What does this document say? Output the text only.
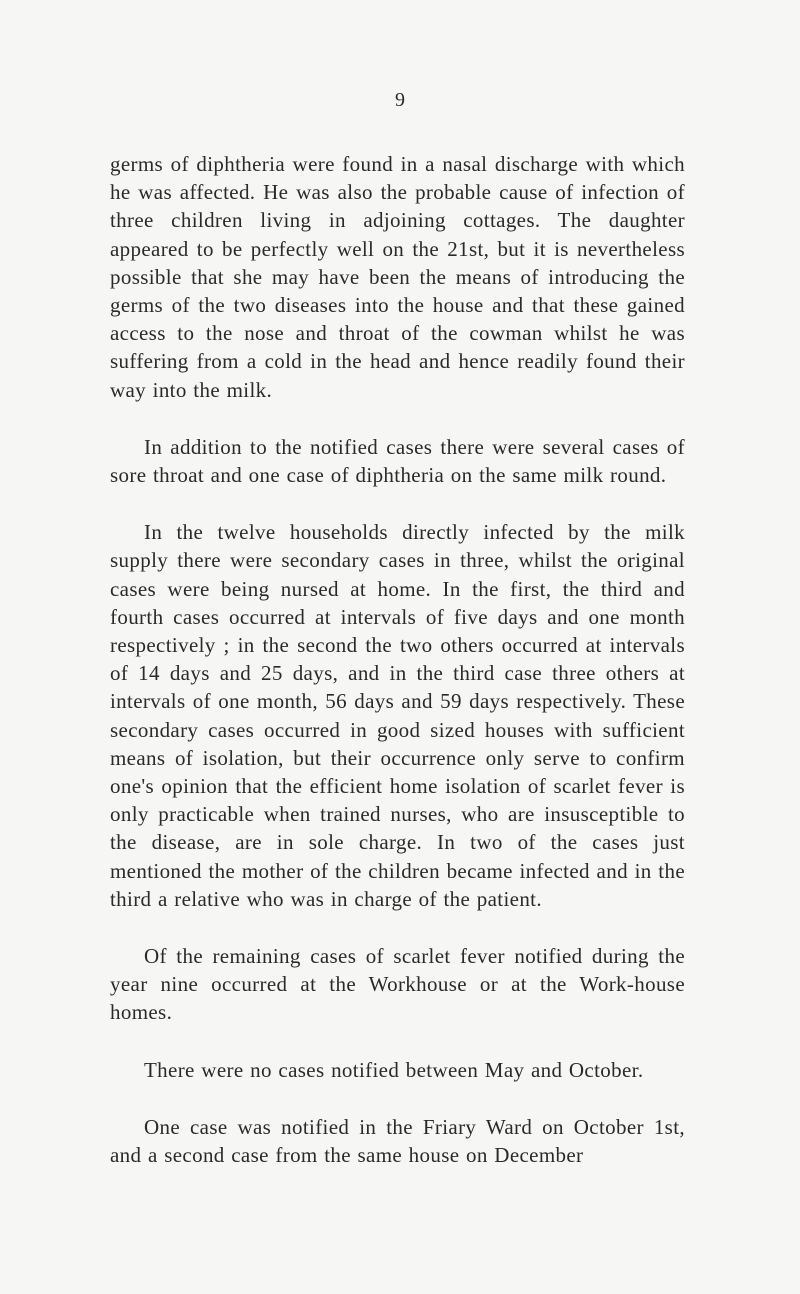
9

germs of diphtheria were found in a nasal discharge with which he was affected. He was also the probable cause of infection of three children living in adjoining cottages. The daughter appeared to be perfectly well on the 21st, but it is nevertheless possible that she may have been the means of introducing the germs of the two diseases into the house and that these gained access to the nose and throat of the cowman whilst he was suffering from a cold in the head and hence readily found their way into the milk.

In addition to the notified cases there were several cases of sore throat and one case of diphtheria on the same milk round.

In the twelve households directly infected by the milk supply there were secondary cases in three, whilst the original cases were being nursed at home. In the first, the third and fourth cases occurred at intervals of five days and one month respectively ; in the second the two others occurred at intervals of 14 days and 25 days, and in the third case three others at intervals of one month, 56 days and 59 days respectively. These secondary cases occurred in good sized houses with sufficient means of isolation, but their occurrence only serve to confirm one's opinion that the efficient home isolation of scarlet fever is only practicable when trained nurses, who are insusceptible to the disease, are in sole charge. In two of the cases just mentioned the mother of the children became infected and in the third a relative who was in charge of the patient.

Of the remaining cases of scarlet fever notified during the year nine occurred at the Workhouse or at the Work-house homes.

There were no cases notified between May and October.

One case was notified in the Friary Ward on October 1st, and a second case from the same house on December
